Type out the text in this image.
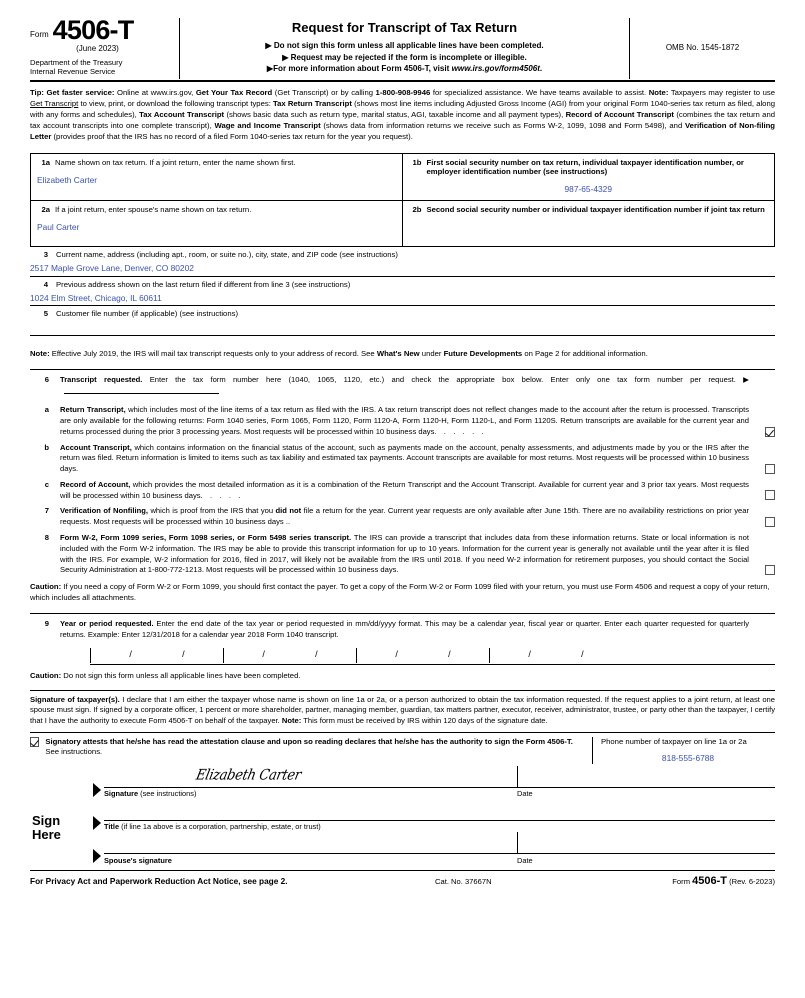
Form 4506-T
(June 2023)
Department of the Treasury
Internal Revenue Service
Request for Transcript of Tax Return
▶ Do not sign this form unless all applicable lines have been completed.
▶ Request may be rejected if the form is incomplete or illegible.
▶For more information about Form 4506-T, visit www.irs.gov/form4506t.
OMB No. 1545-1872
Tip: Get faster service: Online at www.irs.gov, Get Your Tax Record (Get Transcript) or by calling 1-800-908-9946 for specialized assistance. We have teams available to assist. Note: Taxpayers may register to use Get Transcript to view, print, or download the following transcript types: Tax Return Transcript (shows most line items including Adjusted Gross Income (AGI) from your original Form 1040-series tax return as filed, along with any forms and schedules), Tax Account Transcript (shows basic data such as return type, marital status, AGI, taxable income and all payment types), Record of Account Transcript (combines the tax return and tax account transcripts into one complete transcript), Wage and Income Transcript (shows data from information returns we receive such as Forms W-2, 1099, 1098 and Form 5498), and Verification of Non-filing Letter (provides proof that the IRS has no record of a filed Form 1040-series tax return for the year you request).
1a Name shown on tax return. If a joint return, enter the name shown first.
Elizabeth Carter
2a If a joint return, enter spouse's name shown on tax return.
Paul Carter
1b First social security number on tax return, individual taxpayer identification number, or employer identification number (see instructions)
987-65-4329
2b Second social security number or individual taxpayer identification number if joint tax return
3 Current name, address (including apt., room, or suite no.), city, state, and ZIP code (see instructions)
2517 Maple Grove Lane, Denver, CO 80202
4 Previous address shown on the last return filed if different from line 3 (see instructions)
1024 Elm Street, Chicago, IL 60611
5 Customer file number (if applicable) (see instructions)
Note: Effective July 2019, the IRS will mail tax transcript requests only to your address of record. See What's New under Future Developments on Page 2 for additional information.
6	Transcript requested. Enter the tax form number here (1040, 1065, 1120, etc.) and check the appropriate box below. Enter only one tax form number per request. ▶
a	Return Transcript, which includes most of the line items of a tax return as filed with the IRS. A tax return transcript does not reflect changes made to the account after the return is processed. Transcripts are only available for the following returns: Form 1040 series, Form 1065, Form 1120, Form 1120-A, Form 1120-H, Form 1120-L, and Form 1120S. Return transcripts are available for the current year and returns processed during the prior 3 processing years. Most requests will be processed within 10 business days. . . . . .
b	Account Transcript, which contains information on the financial status of the account, such as payments made on the account, penalty assessments, and adjustments made by you or the IRS after the return was filed. Return information is limited to items such as tax liability and estimated tax payments. Account transcripts are available for most returns. Most requests will be processed within 10 business days.
c	Record of Account, which provides the most detailed information as it is a combination of the Return Transcript and the Account Transcript. Available for current year and 3 prior tax years. Most requests will be processed within 10 business days. . . . .
7	Verification of Nonfiling, which is proof from the IRS that you did not file a return for the year. Current year requests are only available after June 15th. There are no availability restrictions on prior year requests. Most requests will be processed within 10 business days ..
8	Form W-2, Form 1099 series, Form 1098 series, or Form 5498 series transcript. The IRS can provide a transcript that includes data from these information returns. State or local information is not included with the Form W-2 information. The IRS may be able to provide this transcript information for up to 10 years. Information for the current year is generally not available until the year after it is filed with the IRS. For example, W-2 information for 2016, filed in 2017, will likely not be available from the IRS until 2018. If you need W-2 information for retirement purposes, you should contact the Social Security Administration at 1-800-772-1213. Most requests will be processed within 10 business days.
Caution: If you need a copy of Form W-2 or Form 1099, you should first contact the payer. To get a copy of the Form W-2 or Form 1099 filed with your return, you must use Form 4506 and request a copy of your return, which includes all attachments.
9	Year or period requested. Enter the end date of the tax year or period requested in mm/dd/yyyy format. This may be a calendar year, fiscal year or quarter. Enter each quarter requested for quarterly returns. Example: Enter 12/31/2018 for a calendar year 2018 Form 1040 transcript.
/	/	/	/	/	/	/	/
Caution: Do not sign this form unless all applicable lines have been completed.
Signature of taxpayer(s). I declare that I am either the taxpayer whose name is shown on line 1a or 2a, or a person authorized to obtain the tax information requested. If the request applies to a joint return, at least one spouse must sign. If signed by a corporate officer, 1 percent or more shareholder, partner, managing member, guardian, tax matters partner, executor, receiver, administrator, trustee, or party other than the taxpayer, I certify that I have the authority to execute Form 4506-T on behalf of the taxpayer. Note: This form must be received by IRS within 120 days of the signature date.
Signatory attests that he/she has read the attestation clause and upon so reading declares that he/she has the authority to sign the Form 4506-T. See instructions.
Phone number of taxpayer on line 1a or 2a
818-555-6788
Sign
Here
Elizabeth Carter
Signature (see instructions)	Date
Title (if line 1a above is a corporation, partnership, estate, or trust)
Spouse's signature	Date
For Privacy Act and Paperwork Reduction Act Notice, see page 2.	Cat. No. 37667N	Form 4506-T (Rev. 6-2023)
